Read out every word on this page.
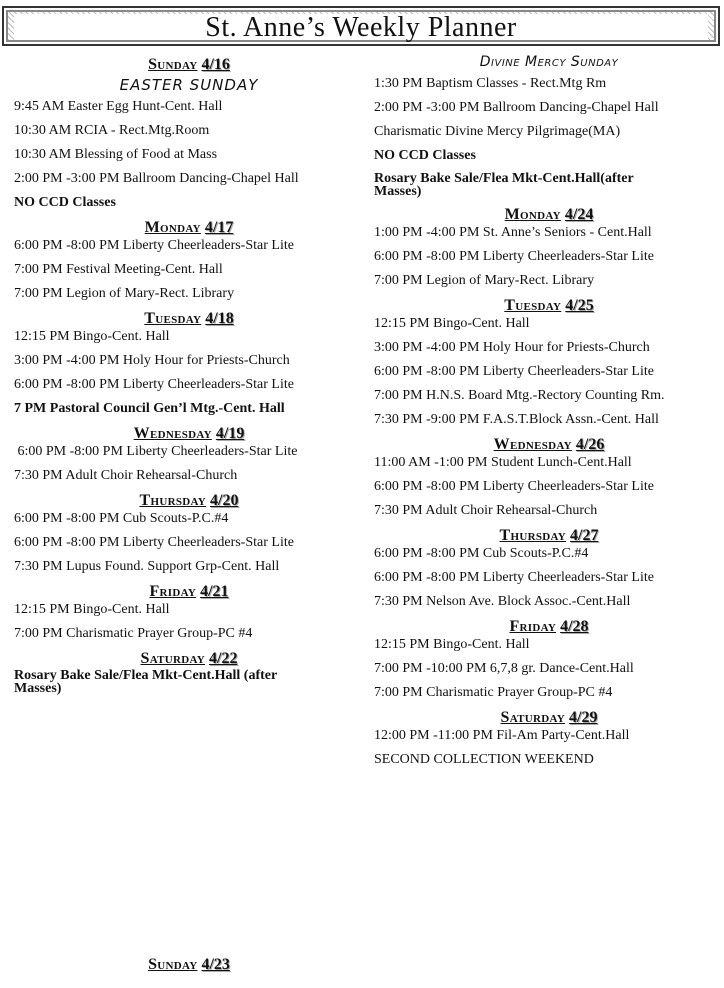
St. Anne’s Weekly Planner
Sunday 4/16
EASTER SUNDAY
9:45 AM Easter Egg Hunt-Cent. Hall
10:30 AM RCIA - Rect.Mtg.Room
10:30 AM Blessing of Food at Mass
2:00 PM -3:00 PM Ballroom Dancing-Chapel Hall
NO CCD Classes
Monday 4/17
6:00 PM -8:00 PM Liberty Cheerleaders-Star Lite
7:00 PM Festival Meeting-Cent. Hall
7:00 PM Legion of Mary-Rect. Library
Tuesday 4/18
12:15 PM Bingo-Cent. Hall
3:00 PM -4:00 PM Holy Hour for Priests-Church
6:00 PM -8:00 PM Liberty Cheerleaders-Star Lite
7 PM Pastoral Council Gen’l Mtg.-Cent. Hall
Wednesday 4/19
6:00 PM -8:00 PM Liberty Cheerleaders-Star Lite
7:30 PM Adult Choir Rehearsal-Church
Thursday 4/20
6:00 PM -8:00 PM Cub Scouts-P.C.#4
6:00 PM -8:00 PM Liberty Cheerleaders-Star Lite
7:30 PM Lupus Found. Support Grp-Cent. Hall
Friday 4/21
12:15 PM Bingo-Cent. Hall
7:00 PM Charismatic Prayer Group-PC #4
Saturday 4/22
Rosary Bake Sale/Flea Mkt-Cent.Hall (after Masses)
Sunday 4/23
Divine Mercy Sunday
1:30 PM Baptism Classes - Rect.Mtg Rm
2:00 PM -3:00 PM Ballroom Dancing-Chapel Hall
Charismatic Divine Mercy Pilgrimage(MA)
NO CCD Classes
Rosary Bake Sale/Flea Mkt-Cent.Hall(after Masses)
Monday 4/24
1:00 PM -4:00 PM St. Anne’s Seniors - Cent.Hall
6:00 PM -8:00 PM Liberty Cheerleaders-Star Lite
7:00 PM Legion of Mary-Rect. Library
Tuesday 4/25
12:15 PM Bingo-Cent. Hall
3:00 PM -4:00 PM Holy Hour for Priests-Church
6:00 PM -8:00 PM Liberty Cheerleaders-Star Lite
7:00 PM H.N.S. Board Mtg.-Rectory Counting Rm.
7:30 PM -9:00 PM F.A.S.T.Block Assn.-Cent. Hall
Wednesday 4/26
11:00 AM -1:00 PM Student Lunch-Cent.Hall
6:00 PM -8:00 PM Liberty Cheerleaders-Star Lite
7:30 PM Adult Choir Rehearsal-Church
Thursday 4/27
6:00 PM -8:00 PM Cub Scouts-P.C.#4
6:00 PM -8:00 PM Liberty Cheerleaders-Star Lite
7:30 PM Nelson Ave. Block Assoc.-Cent.Hall
Friday 4/28
12:15 PM Bingo-Cent. Hall
7:00 PM -10:00 PM 6,7,8 gr. Dance-Cent.Hall
7:00 PM Charismatic Prayer Group-PC #4
Saturday 4/29
12:00 PM -11:00 PM Fil-Am Party-Cent.Hall
SECOND COLLECTION WEEKEND
